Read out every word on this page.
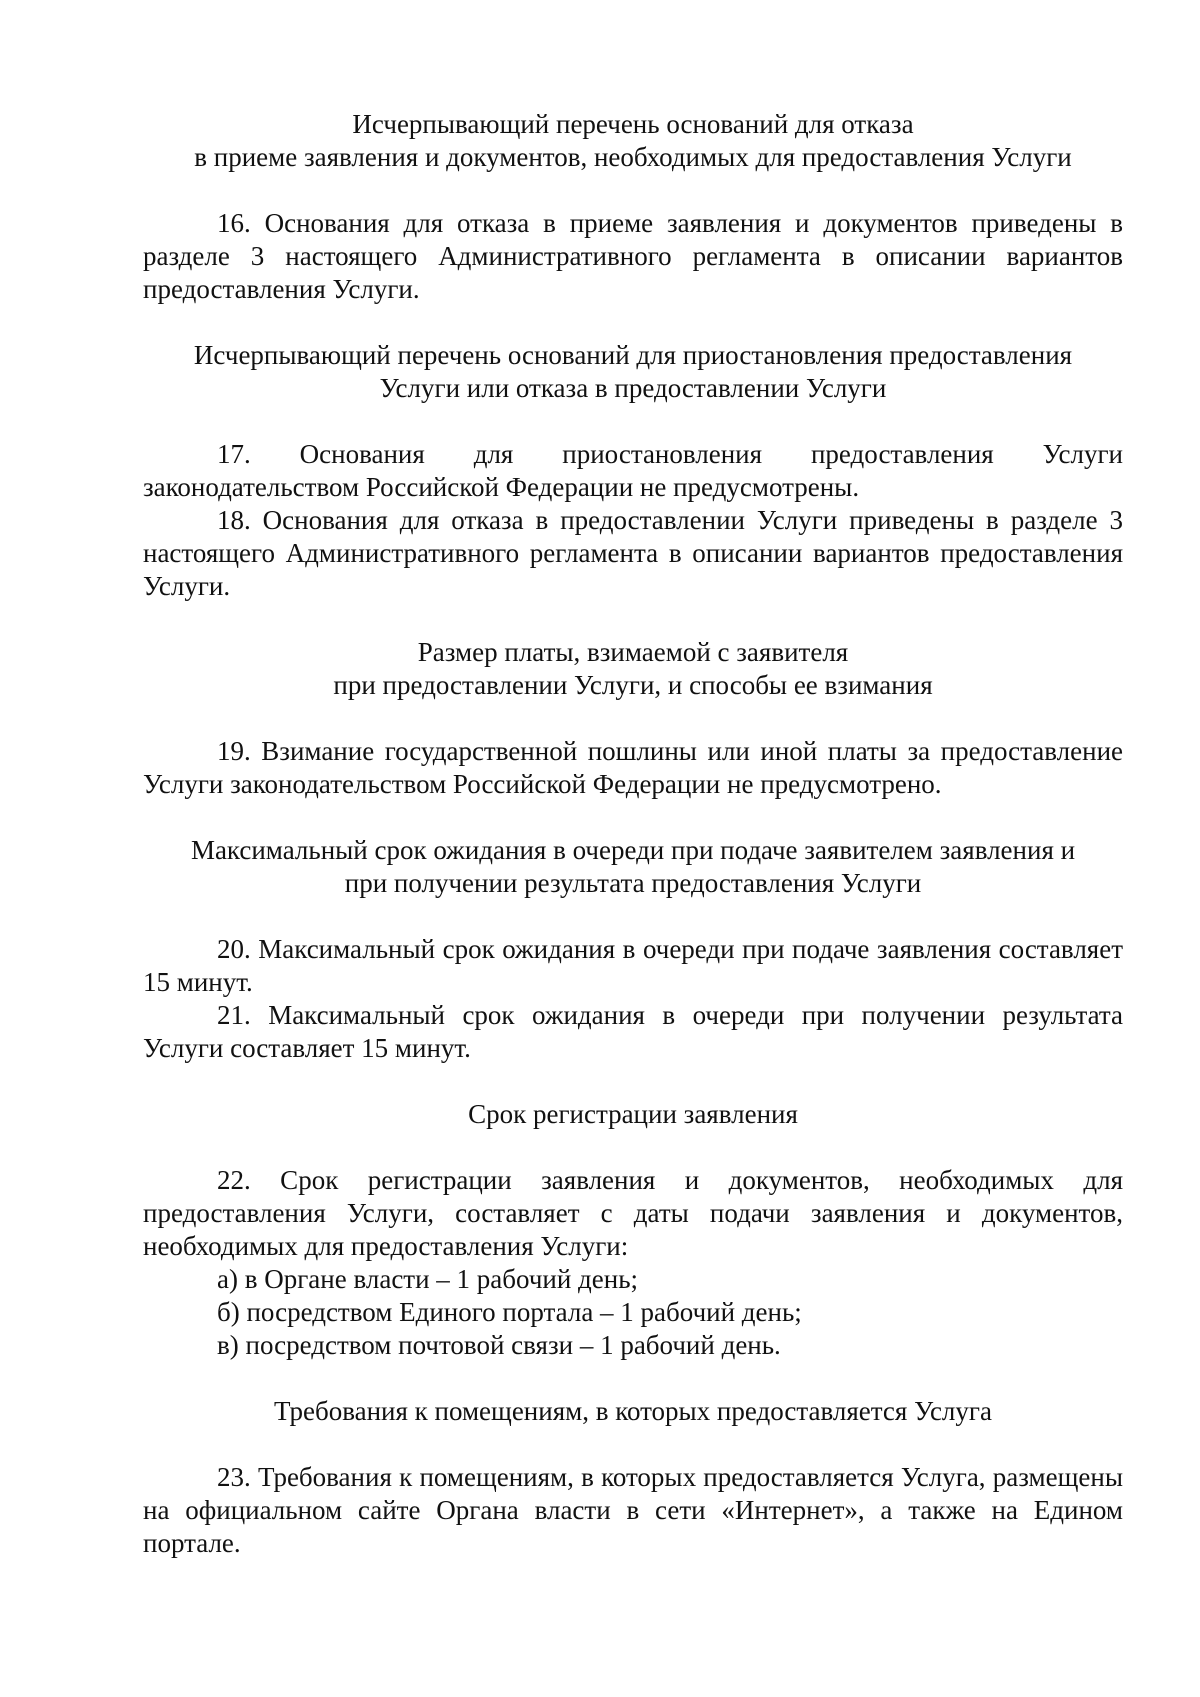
Исчерпывающий перечень оснований для отказа
в приеме заявления и документов, необходимых для предоставления Услуги

16. Основания для отказа в приеме заявления и документов приведены в разделе 3 настоящего Административного регламента в описании вариантов предоставления Услуги.

Исчерпывающий перечень оснований для приостановления предоставления
Услуги или отказа в предоставлении Услуги

17. Основания для приостановления предоставления Услуги законодательством Российской Федерации не предусмотрены.

18. Основания для отказа в предоставлении Услуги приведены в разделе 3 настоящего Административного регламента в описании вариантов предоставления Услуги.

Размер платы, взимаемой с заявителя
при предоставлении Услуги, и способы ее взимания

19. Взимание государственной пошлины или иной платы за предоставление Услуги законодательством Российской Федерации не предусмотрено.

Максимальный срок ожидания в очереди при подаче заявителем заявления и
при получении результата предоставления Услуги

20. Максимальный срок ожидания в очереди при подаче заявления составляет 15 минут.

21. Максимальный срок ожидания в очереди при получении результата Услуги составляет 15 минут.

Срок регистрации заявления

22. Срок регистрации заявления и документов, необходимых для предоставления Услуги, составляет с даты подачи заявления и документов, необходимых для предоставления Услуги:

а) в Органе власти – 1 рабочий день;

б) посредством Единого портала – 1 рабочий день;

в) посредством почтовой связи – 1 рабочий день.

Требования к помещениям, в которых предоставляется Услуга

23. Требования к помещениям, в которых предоставляется Услуга, размещены на официальном сайте Органа власти в сети «Интернет», а также на Едином портале.
